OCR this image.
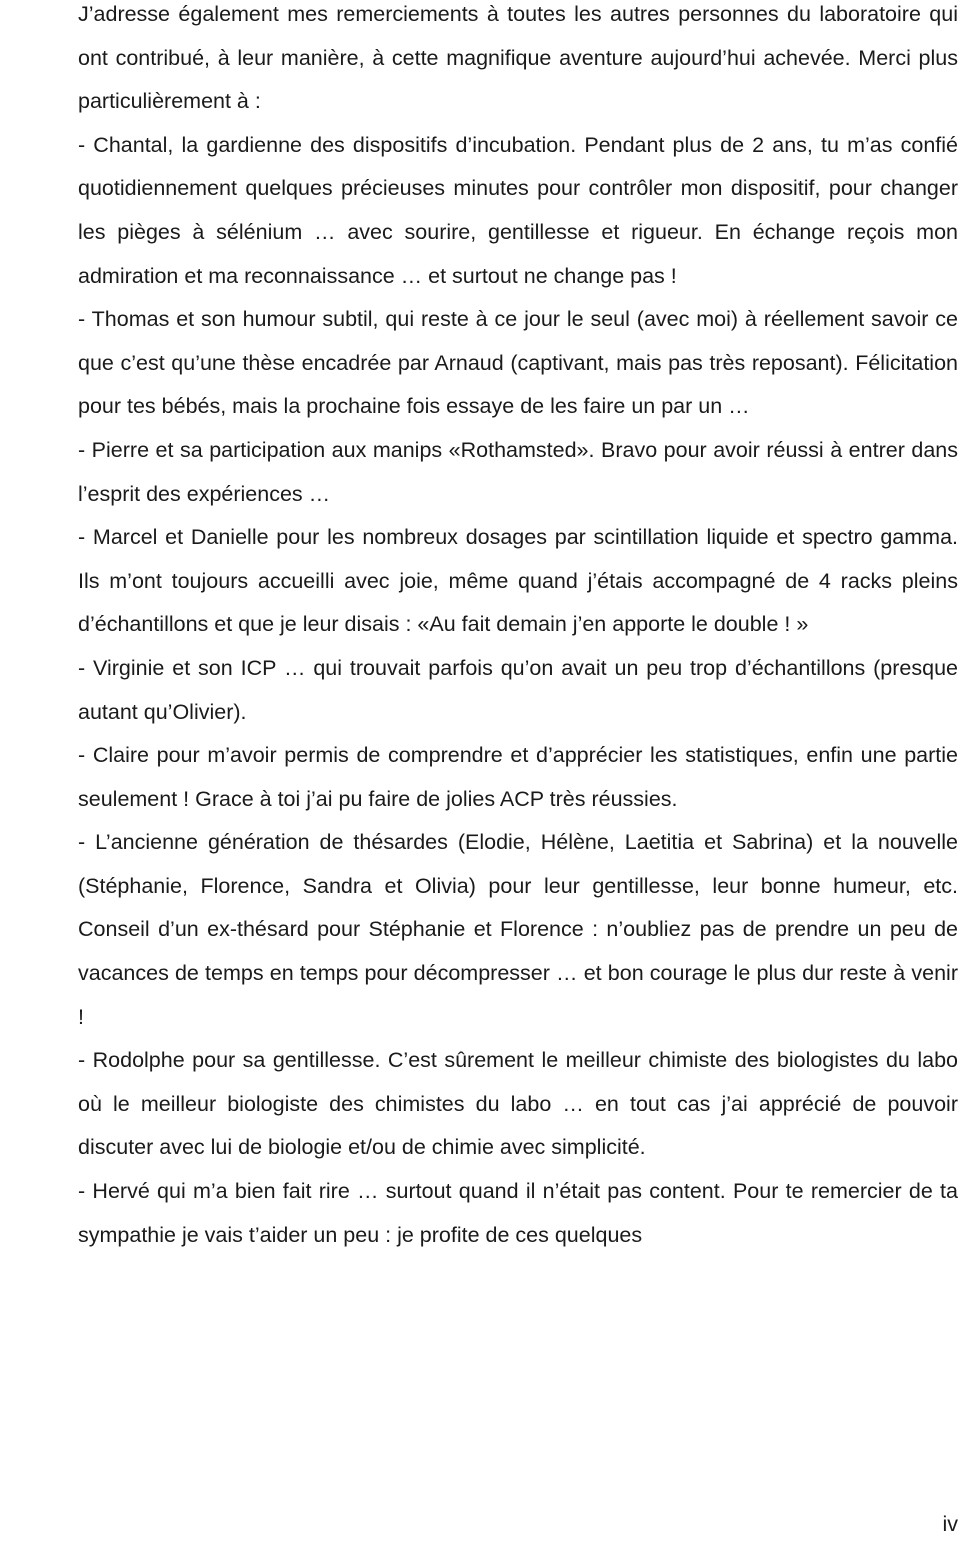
J’adresse également mes remerciements à toutes les autres personnes du laboratoire qui ont contribué, à leur manière, à cette magnifique aventure aujourd’hui achevée. Merci plus particulièrement à :

- Chantal, la gardienne des dispositifs d’incubation. Pendant plus de 2 ans, tu m’as confié quotidiennement quelques précieuses minutes pour contrôler mon dispositif, pour changer les pièges à sélénium … avec sourire, gentillesse et rigueur. En échange reçois mon admiration et ma reconnaissance … et surtout ne change pas !

- Thomas et son humour subtil, qui reste à ce jour le seul (avec moi) à réellement savoir ce que c’est qu’une thèse encadrée par Arnaud (captivant, mais pas très reposant). Félicitation pour tes bébés, mais la prochaine fois essaye de les faire un par un …

- Pierre et sa participation aux manips «Rothamsted». Bravo pour avoir réussi à entrer dans l’esprit des expériences …

- Marcel et Danielle pour les nombreux dosages par scintillation liquide et spectro gamma. Ils m’ont toujours accueilli avec joie, même quand j’étais accompagné de 4 racks pleins d’échantillons et que je leur disais : «Au fait demain j’en apporte le double ! »

- Virginie et son ICP … qui trouvait parfois qu’on avait un peu trop d’échantillons (presque autant qu’Olivier).

- Claire pour m’avoir permis de comprendre et d’apprécier les statistiques, enfin une partie seulement ! Grace à toi j’ai pu faire de jolies ACP très réussies.

- L’ancienne génération de thésardes (Elodie, Hélène, Laetitia et Sabrina) et la nouvelle (Stéphanie, Florence, Sandra et Olivia) pour leur gentillesse, leur bonne humeur, etc. Conseil d’un ex-thésard pour Stéphanie et Florence : n’oubliez pas de prendre un peu de vacances de temps en temps pour décompresser … et bon courage le plus dur reste à venir !

- Rodolphe pour sa gentillesse. C’est sûrement le meilleur chimiste des biologistes du labo où le meilleur biologiste des chimistes du labo … en tout cas j’ai apprécié de pouvoir discuter avec lui de biologie et/ou de chimie avec simplicité.

- Hervé qui m’a bien fait rire … surtout quand il n’était pas content. Pour te remercier de ta sympathie je vais t’aider un peu : je profite de ces quelques

iv
